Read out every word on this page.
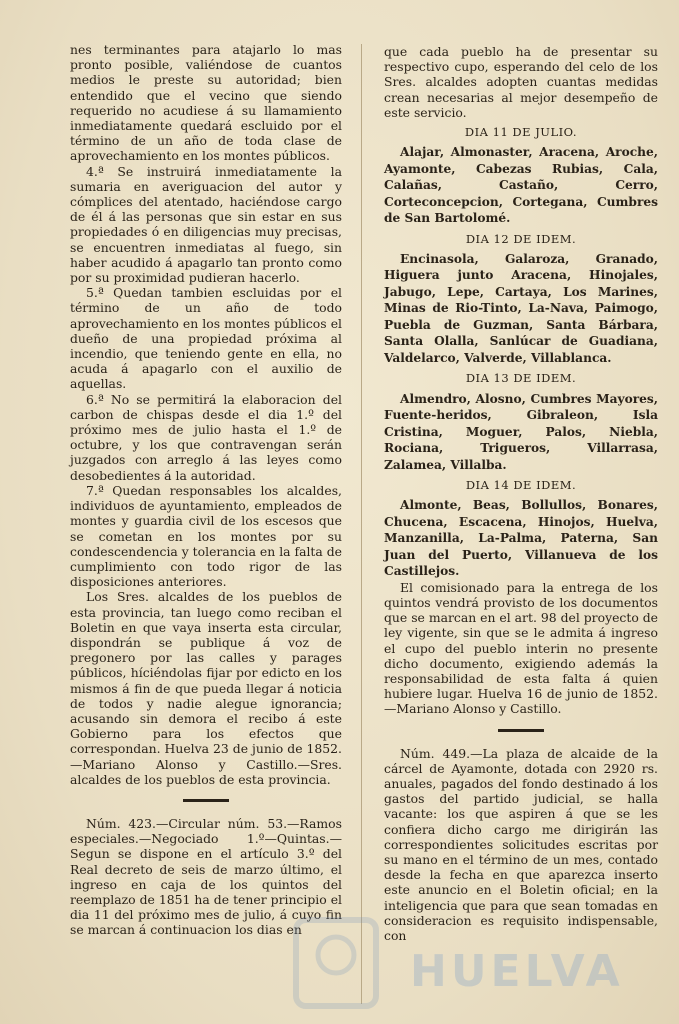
nes terminantes para atajarlo lo mas pronto posible, valiéndose de cuantos medios le preste su autoridad; bien entendido que el vecino que siendo requerido no acudiese á su llamamiento inmediatamente quedará escluido por el término de un año de toda clase de aprovechamiento en los montes públicos.

4.ª Se instruirá inmediatamente la sumaria en averiguacion del autor y cómplices del atentado, haciéndose cargo de él á las personas que sin estar en sus propiedades ó en diligencias muy precisas, se encuentren inmediatas al fuego, sin haber acudido á apagarlo tan pronto como por su proximidad pudieran hacerlo.

5.ª Quedan tambien escluidas por el término de un año de todo aprovechamiento en los montes públicos el dueño de una propiedad próxima al incendio, que teniendo gente en ella, no acuda á apagarlo con el auxilio de aquellas.

6.ª No se permitirá la elaboracion del carbon de chispas desde el dia 1.º del próximo mes de julio hasta el 1.º de octubre, y los que contravengan serán juzgados con arreglo á las leyes como desobedientes á la autoridad.

7.ª Quedan responsables los alcaldes, individuos de ayuntamiento, empleados de montes y guardia civil de los escesos que se cometan en los montes por su condescendencia y tolerancia en la falta de cumplimiento con todo rigor de las disposiciones anteriores.

Los Sres. alcaldes de los pueblos de esta provincia, tan luego como reciban el Boletin en que vaya inserta esta circular, dispondrán se publique á voz de pregonero por las calles y parages públicos, híciéndolas fijar por edicto en los mismos á fin de que pueda llegar á noticia de todos y nadie alegue ignorancia; acusando sin demora el recibo á este Gobierno para los efectos que correspondan. Huelva 23 de junio de 1852.—Mariano Alonso y Castillo.—Sres. alcaldes de los pueblos de esta provincia.

Núm. 423.—Circular núm. 53.—Ramos especiales.—Negociado 1.º—Quintas.—Segun se dispone en el artículo 3.º del Real decreto de seis de marzo último, el ingreso en caja de los quintos del reemplazo de 1851 ha de tener principio el dia 11 del próximo mes de julio, á cuyo fin se marcan á continuacion los dias en

que cada pueblo ha de presentar su respectivo cupo, esperando del celo de los Sres. alcaldes adopten cuantas medidas crean necesarias al mejor desempeño de este servicio.

DIA 11 DE JULIO.

Alajar, Almonaster, Aracena, Aroche, Ayamonte, Cabezas Rubias, Cala, Calañas, Castaño, Cerro, Corteconcepcion, Cortegana, Cumbres de San Bartolomé.

DIA 12 DE IDEM.

Encinasola, Galaroza, Granado, Higuera junto Aracena, Hinojales, Jabugo, Lepe, Cartaya, Los Marines, Minas de Rio-Tinto, La-Nava, Paimogo, Puebla de Guzman, Santa Bárbara, Santa Olalla, Sanlúcar de Guadiana, Valdelarco, Valverde, Villablanca.

DIA 13 DE IDEM.

Almendro, Alosno, Cumbres Mayores, Fuente-heridos, Gibraleon, Isla Cristina, Moguer, Palos, Niebla, Rociana, Trigueros, Villarrasa, Zalamea, Villalba.

DIA 14 DE IDEM.

Almonte, Beas, Bollullos, Bonares, Chucena, Escacena, Hinojos, Huelva, Manzanilla, La-Palma, Paterna, San Juan del Puerto, Villanueva de los Castillejos.

El comisionado para la entrega de los quintos vendrá provisto de los documentos que se marcan en el art. 98 del proyecto de ley vigente, sin que se le admita á ingreso el cupo del pueblo interin no presente dicho documento, exigiendo además la responsabilidad de esta falta á quien hubiere lugar. Huelva 16 de junio de 1852.—Mariano Alonso y Castillo.

Núm. 449.—La plaza de alcaide de la cárcel de Ayamonte, dotada con 2920 rs. anuales, pagados del fondo destinado á los gastos del partido judicial, se halla vacante: los que aspiren á que se les confiera dicho cargo me dirigirán las correspondientes solicitudes escritas por su mano en el término de un mes, contado desde la fecha en que aparezca inserto este anuncio en el Boletin oficial; en la inteligencia que para que sean tomadas en consideracion es requisito indispensable, con

HUELVA
